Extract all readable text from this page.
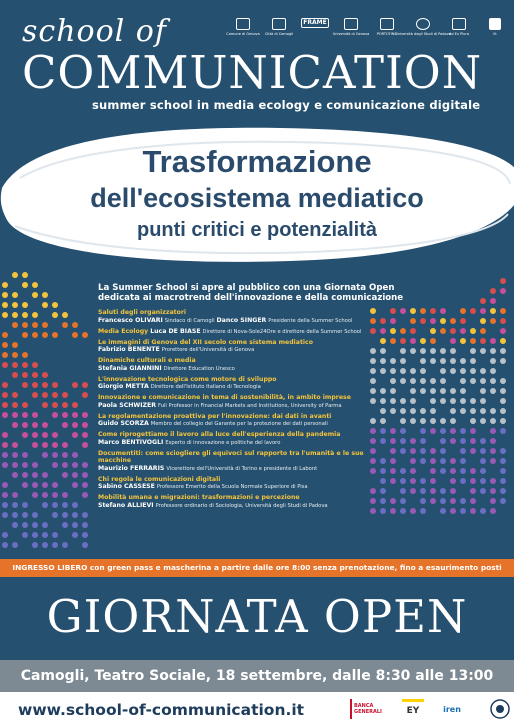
school of	Comune di Genova Città di Camogli
FRAME
Università di Genova PORTOFINO
Università degli Studi di Padova
Ad Ex Plura	lit
COMMUNICATION
summer school in media ecology e comunicazione digitale
Trasformazione
dell'ecosistema mediatico
punti critici e potenzialità
La Summer School si apre al pubblico con una Giornata Open dedicata ai macrotrend dell'innovazione e della comunicazione
Saluti degli organizzatori
Francesco OLIVARI Sindaco di Camogli Danco SINGER Presidente della Summer School
Media Ecology Luca DE BIASE Direttore di Nova-Sole24Ore e direttore della Summer School
Le immagini di Genova del XII secolo come sistema mediatico
Fabrizio BENENTE Prorettore dell'Università di Genova
Dinamiche culturali e media
Stefania GIANNINI Direttore Education Unesco
L'innovazione tecnologica come motore di sviluppo
Giorgio METTA Direttore dell'Istituto Italiano di Tecnologia
Innovazione e comunicazione in tema di sostenibilità, in ambito imprese
Paola SCHWIZER Full Professor in Financial Markets and Institutions, University of Parma
La regolamentazione proattiva per l'innovazione: dai dati in avanti
Guido SCORZA Membro del collegio del Garante per la protezione dei dati personali
Come riprogettiamo il lavoro alla luce dell'esperienza della pandemia
Marco BENTIVOGLI Esperto di innovazione e politiche del lavoro
Documentiti: come sciogliere gli equivoci sul rapporto tra l'umanità e le sue macchine
Maurizio FERRARIS Vicerettore dell'Università di Torino e presidente di Labont
Chi regola le comunicazioni digitali
Sabino CASSESE Professore Emerito della Scuola Normale Superiore di Pisa
Mobilità umana e migrazioni: trasformazioni e percezione
Stefano ALLIEVI Professore ordinario di Sociologia, Università degli Studi di Padova
INGRESSO LIBERO con green pass e mascherina a partire dalle ore 8:00 senza prenotazione, fino a esaurimento posti
GIORNATA OPEN
Camogli, Teatro Sociale, 18 settembre, dalle 8:30 alle 13:00
www.school-of-communication.it	BANCA GENERALI	EY	iren
